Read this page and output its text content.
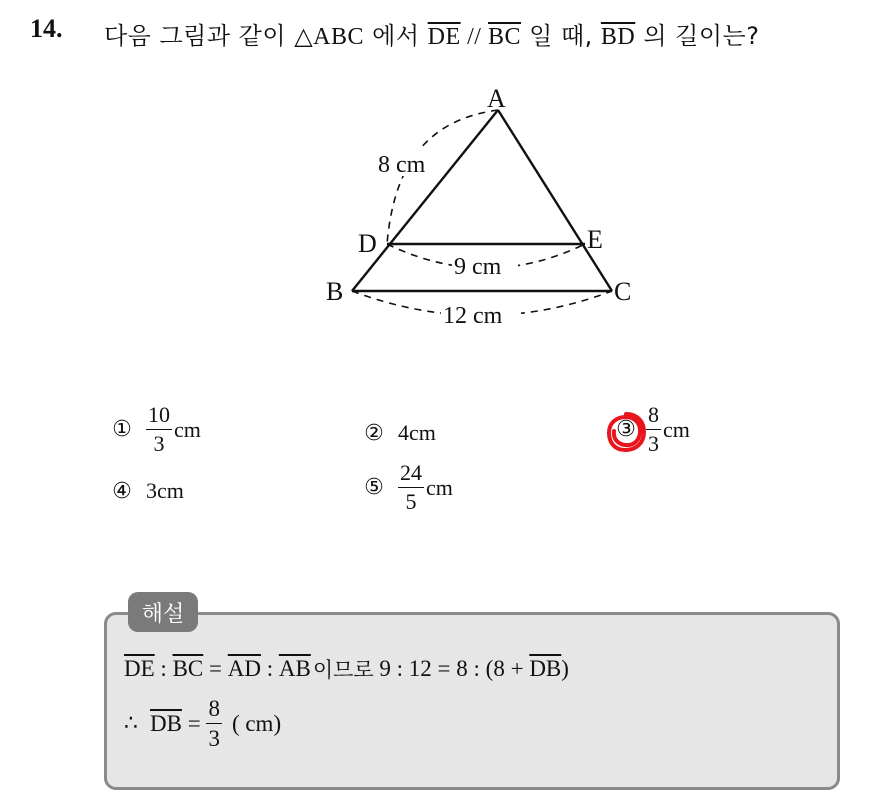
14. 다음 그림과 같이 △ABC 에서 $\overline{DE} // \overline{BC}$ 일 때, $\overline{BD}$ 의 길이는?
A
B	C
D	E
8 cm
9 cm
12 cm
① $\frac{10}{3}$ cm	② 4cm	③ $\frac{8}{3}$ cm
④ 3cm	⑤ $\frac{24}{5}$ cm
해설
$\overline{DE}$ : $\overline{BC} = \overline{AD}$ : $\overline{AB}$ 이므로 9 : 12 = 8 : ($8 + \overline{DB}$ )
∴ $\overline{DB} = \frac{8}{3}$ ( cm)
